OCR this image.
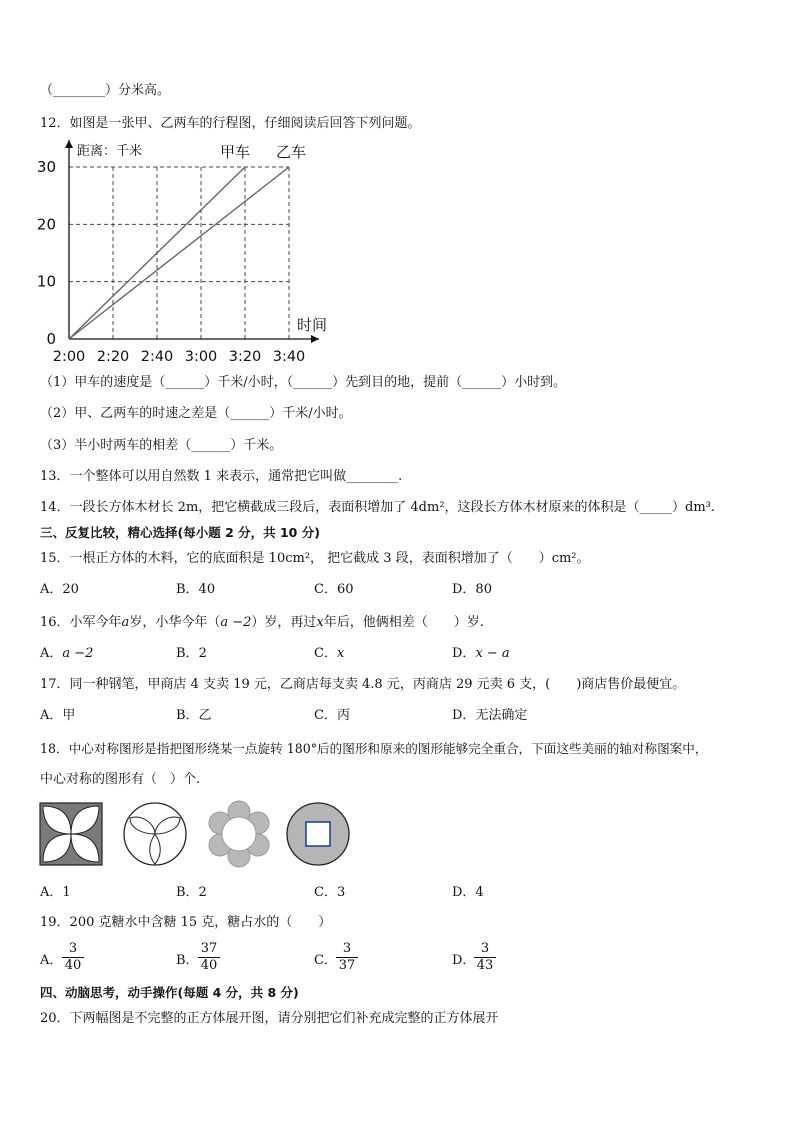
（________）分米高。
12．如图是一张甲、乙两车的行程图，仔细阅读后回答下列问题。
0
10
20
30
2:00 2:20 2:40 3:00 3:20 3:40
甲车 乙车
距离：千米
时间
（1）甲车的速度是（______）千米/小时，（______）先到目的地，提前（______）小时到。
（2）甲、乙两车的时速之差是（______）千米/小时。
（3）半小时两车的相差（______）千米。
13．一个整体可以用自然数 1 来表示，通常把它叫做________.
14．一段长方体木材长 2m，把它横截成三段后，表面积增加了 4dm²，这段长方体木材原来的体积是（_____）dm³.
三、反复比较，精心选择(每小题 2 分，共 10 分)
15．一根正方体的木料，它的底面积是 10cm²， 把它截成 3 段，表面积增加了（　　）cm²。
A．20	B．40	C．60	D．80
16．小军今年a岁，小华今年（a −2）岁，再过x年后，他俩相差（　　）岁.
A．a −2	B．2	C．x	D．x − a
17．同一种钢笔，甲商店 4 支卖 19 元，乙商店每支卖 4.8 元，丙商店 29 元卖 6 支，(　　)商店售价最便宜。
A．甲	B．乙	C．丙	D．无法确定
18．中心对称图形是指把图形绕某一点旋转 180°后的图形和原来的图形能够完全重合，下面这些美丽的轴对称图案中，
中心对称的图形有（　）个.
A．1	B．2	C．3	D．4
19．200 克糖水中含糖 15 克，糖占水的（　　）
A． $\frac{3}{40}$	B． $\frac{37}{40}$	C． $\frac{3}{37}$	D．
$\frac{3}{43}$
四、动脑思考，动手操作(每题 4 分，共 8 分)
20．下两幅图是不完整的正方体展开图，请分别把它们补充成完整的正方体展开
